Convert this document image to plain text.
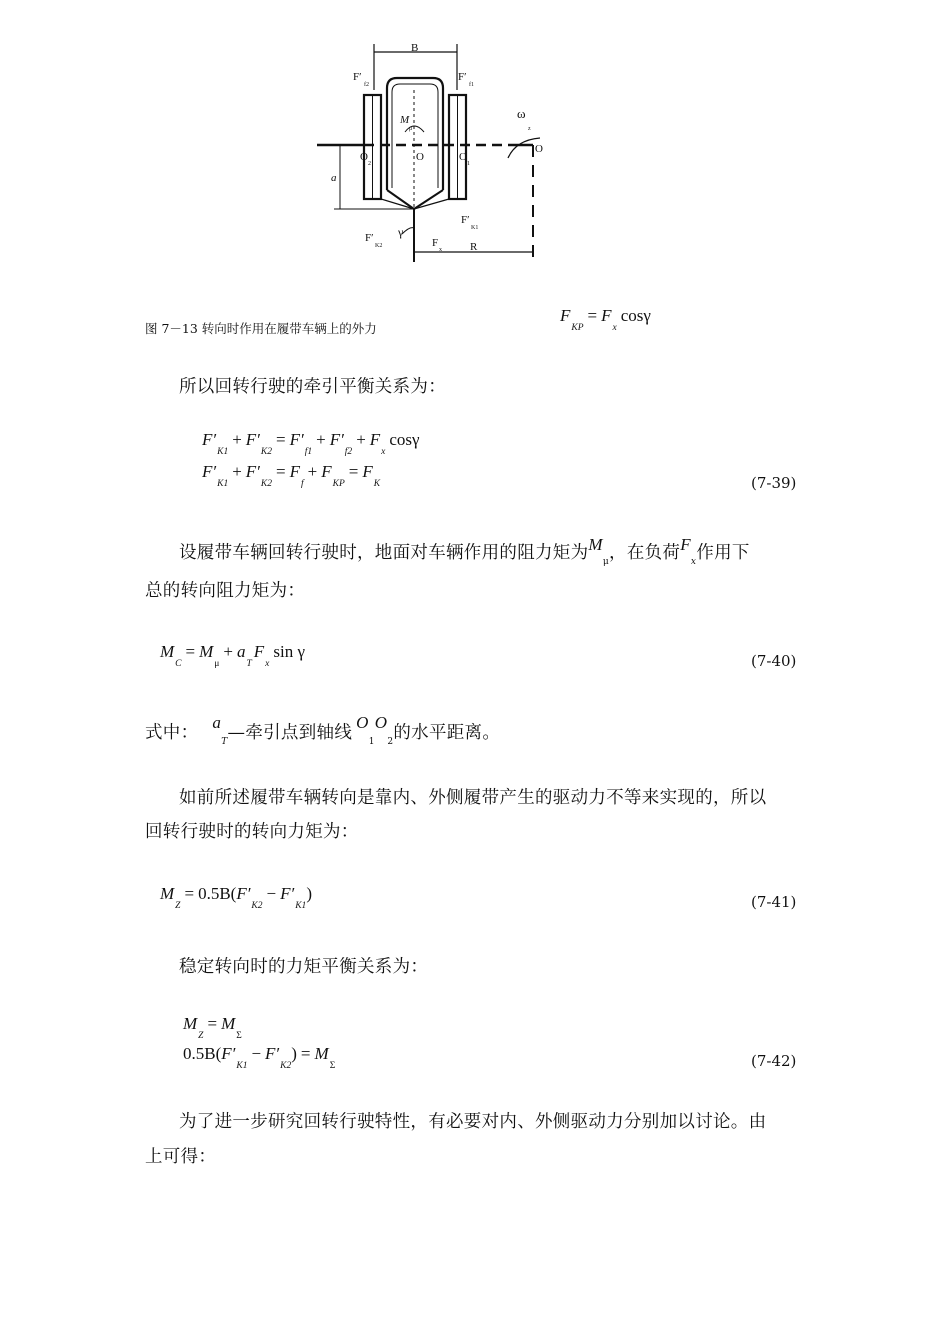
B
F′
f2
F′
f1
M
μ
O
2
O	O
1
ω
z
O
a
F′
K2
F′
K1
γ
F
x	R
图 7－13 转向时作用在履带车辆上的外力
$F_{KP}= F_x\cos\gamma$
所以回转行驶的牵引平衡关系为：
$F'_{K1}+ F'_{K2}= F'_{f1}+ F'_{f2}+ F_x\cos\gamma$
$F'_{K1}+ F'_{K2}= F_f+ F_{KP}= F_K$	(7-39)
设履带车辆回转行驶时，地面对车辆作用的阻力矩为$M_\mu$，在负荷$F_x$作用下
总的转向阻力矩为：
$M_C= M_\mu+ a_TF_x\sin$ γ	(7-40)
式中：$a_T—$牵引点到轴线$O_1O_2$的水平距离。
如前所述履带车辆转向是靠内、外侧履带产生的驱动力不等来实现的，所以
回转行驶时的转向力矩为：
$M_Z= 0.5B(F'_{K2}- F'_{K1})$	(7-41)
稳定转向时的力矩平衡关系为：
$M_Z= M_\Sigma$
$0.5B(F'_{K1}- F'_{K2}) = M_\Sigma$	(7-42)
为了进一步研究回转行驶特性，有必要对内、外侧驱动力分别加以讨论。由
上可得：
